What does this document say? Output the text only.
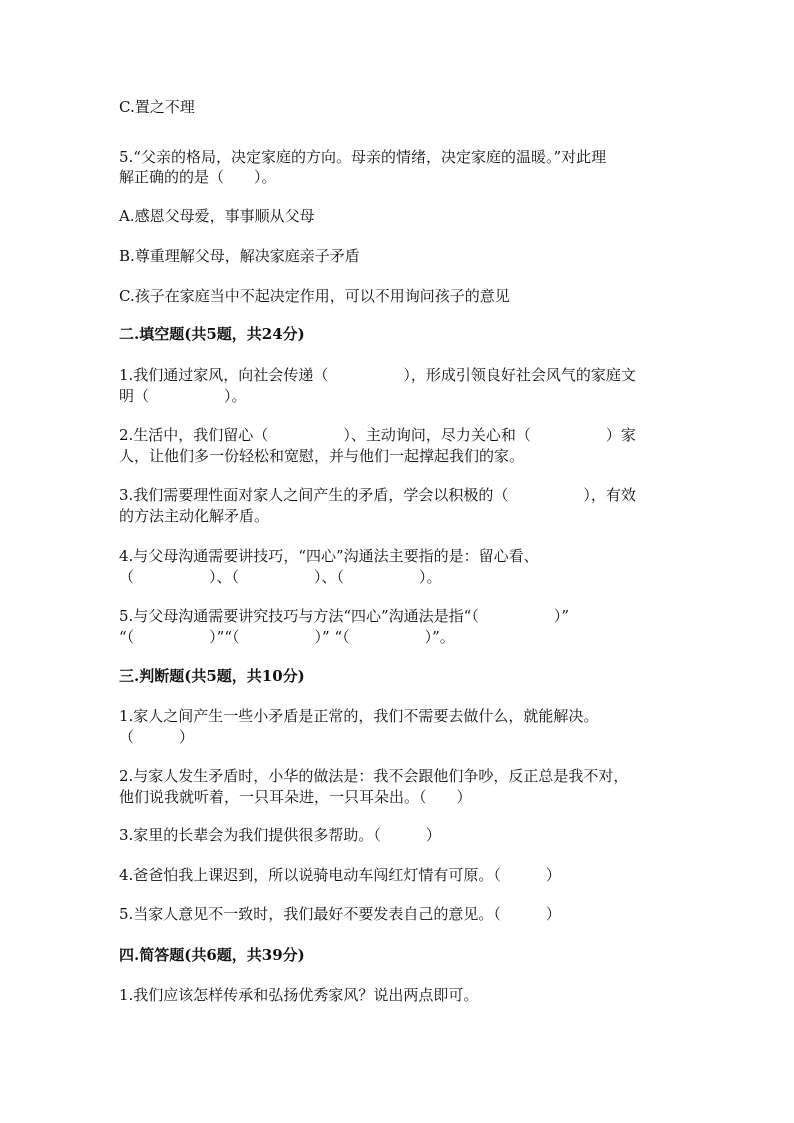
C.置之不理
5.“父亲的格局，决定家庭的方向。母亲的情绪，决定家庭的温暖。”对此理
解正确的的是（　　）。
A.感恩父母爱，事事顺从父母
B.尊重理解父母，解决家庭亲子矛盾
C.孩子在家庭当中不起决定作用，可以不用询问孩子的意见
二.填空题(共5题，共24分)
1.我们通过家风，向社会传递（　　　　　），形成引领良好社会风气的家庭文
明（　　　　　）。
2.生活中，我们留心（　　　　　）、主动询问，尽力关心和（　　　　　）家
人，让他们多一份轻松和宽慰，并与他们一起撑起我们的家。
3.我们需要理性面对家人之间产生的矛盾，学会以积极的（　　　　　），有效
的方法主动化解矛盾。
4.与父母沟通需要讲技巧，“四心”沟通法主要指的是：留心看、
（　　　　　）、（　　　　　）、（　　　　　）。
5.与父母沟通需要讲究技巧与方法“四心”沟通法是指“（　　　　　）”
“（　　　　　）”“（　　　　　）” “（　　　　　）”。
三.判断题(共5题，共10分)
1.家人之间产生一些小矛盾是正常的，我们不需要去做什么，就能解决。
（　　　）
2.与家人发生矛盾时，小华的做法是：我不会跟他们争吵，反正总是我不对，
他们说我就听着，一只耳朵进，一只耳朵出。（　　）
3.家里的长辈会为我们提供很多帮助。（　　　）
4.爸爸怕我上课迟到，所以说骑电动车闯红灯情有可原。（　　　）
5.当家人意见不一致时，我们最好不要发表自己的意见。（　　　）
四.简答题(共6题，共39分)
1.我们应该怎样传承和弘扬优秀家风？说出两点即可。
